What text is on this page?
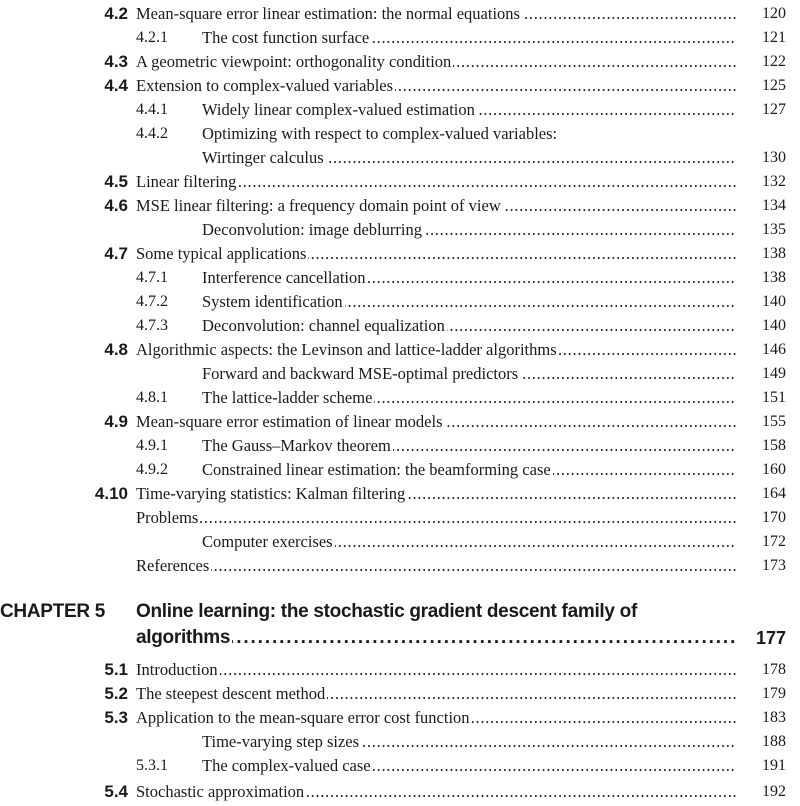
4.2 Mean-square error linear estimation: the normal equations . . .	120
4.2.1 The cost function surface . . .	121
4.3 A geometric viewpoint: orthogonality condition . . .	122
4.4 Extension to complex-valued variables . . .	125
4.4.1 Widely linear complex-valued estimation . . .	127
4.4.2 Optimizing with respect to complex-valued variables:
Wirtinger calculus . . .	130
4.5 Linear filtering . . .	132
4.6 MSE linear filtering: a frequency domain point of view . . .	134
Deconvolution: image deblurring . . .	135
4.7 Some typical applications . . .	138
4.7.1 Interference cancellation . . .	138
4.7.2 System identification . . .	140
4.7.3 Deconvolution: channel equalization . . .	140
4.8 Algorithmic aspects: the Levinson and lattice-ladder algorithms . . .	146
Forward and backward MSE-optimal predictors . . .	149
4.8.1 The lattice-ladder scheme . . .	151
4.9 Mean-square error estimation of linear models . . .	155
4.9.1 The Gauss–Markov theorem . . .	158
4.9.2 Constrained linear estimation: the beamforming case . . .	160
4.10 Time-varying statistics: Kalman filtering . . .	164
Problems . . .	170
Computer exercises . . .	172
References . . .	173
CHAPTER 5 Online learning: the stochastic gradient descent family of
algorithms . . .	177
5.1 Introduction . . .	178
5.2 The steepest descent method . . .	179
5.3 Application to the mean-square error cost function . . .	183
Time-varying step sizes . . .	188
5.3.1 The complex-valued case . . .	191
5.4 Stochastic approximation . . .	192
